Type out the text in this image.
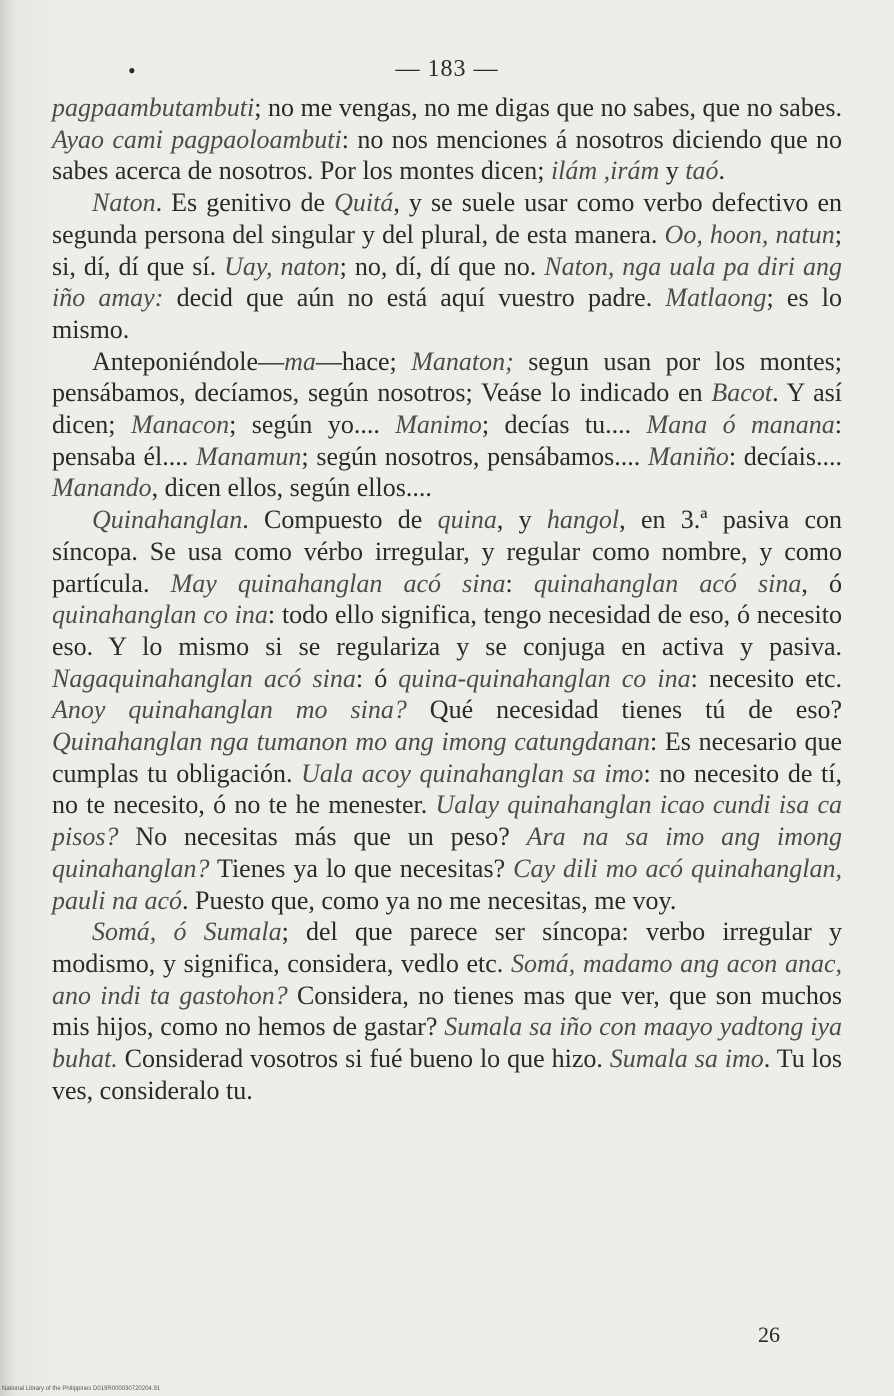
•	— 183 —

pagpaambutambuti; no me vengas, no me digas que no sabes, que no sabes. Ayao cami pagpaoloambuti: no nos menciones á nosotros diciendo que no sabes acerca de nosotros. Por los montes dicen; ilám ,irám y taó.

Naton. Es genitivo de Quitá, y se suele usar como verbo defectivo en segunda persona del singular y del plural, de esta manera. Oo, hoon, natun; si, dí, dí que sí. Uay, naton; no, dí, dí que no. Naton, nga uala pa diri ang iño amay: decid que aún no está aquí vuestro padre. Matlaong; es lo mismo.

Anteponiéndole—ma—hace; Manaton; segun usan por los montes; pensábamos, decíamos, según nosotros; Veáse lo indicado en Bacot. Y así dicen; Manacon; según yo.... Manimo; decías tu.... Mana ó manana: pensaba él.... Manamun; según nosotros, pensábamos.... Maniño: decíais.... Manando, dicen ellos, según ellos....

Quinahanglan. Compuesto de quina, y hangol, en 3.ª pasiva con síncopa. Se usa como vérbo irregular, y regular como nombre, y como partícula. May quinahanglan acó sina: quinahanglan acó sina, ó quinahanglan co ina: todo ello significa, tengo necesidad de eso, ó necesito eso. Y lo mismo si se regulariza y se conjuga en activa y pasiva. Nagaquinahanglan acó sina: ó quina-quinahanglan co ina: necesito etc. Anoy quinahanglan mo sina? Qué necesidad tienes tú de eso? Quinahanglan nga tumanon mo ang imong catungdanan: Es necesario que cumplas tu obligación. Uala acoy quinahanglan sa imo: no necesito de tí, no te necesito, ó no te he menester. Ualay quinahanglan icao cundi isa ca pisos? No necesitas más que un peso? Ara na sa imo ang imong quinahanglan? Tienes ya lo que necesitas? Cay dili mo acó quinahanglan, pauli na acó. Puesto que, como ya no me necesitas, me voy.

Somá, ó Sumala; del que parece ser síncopa: verbo irregular y modismo, y significa, considera, vedlo etc. Somá, madamo ang acon anac, ano indi ta gastohon? Considera, no tienes mas que ver, que son muchos mis hijos, como no hemos de gastar? Sumala sa iño con maayo yadtong iya buhat. Considerad vosotros si fué bueno lo que hizo. Sumala sa imo. Tu los ves, consideralo tu.

26
National Library of the Philippines D019R000030720204.91
